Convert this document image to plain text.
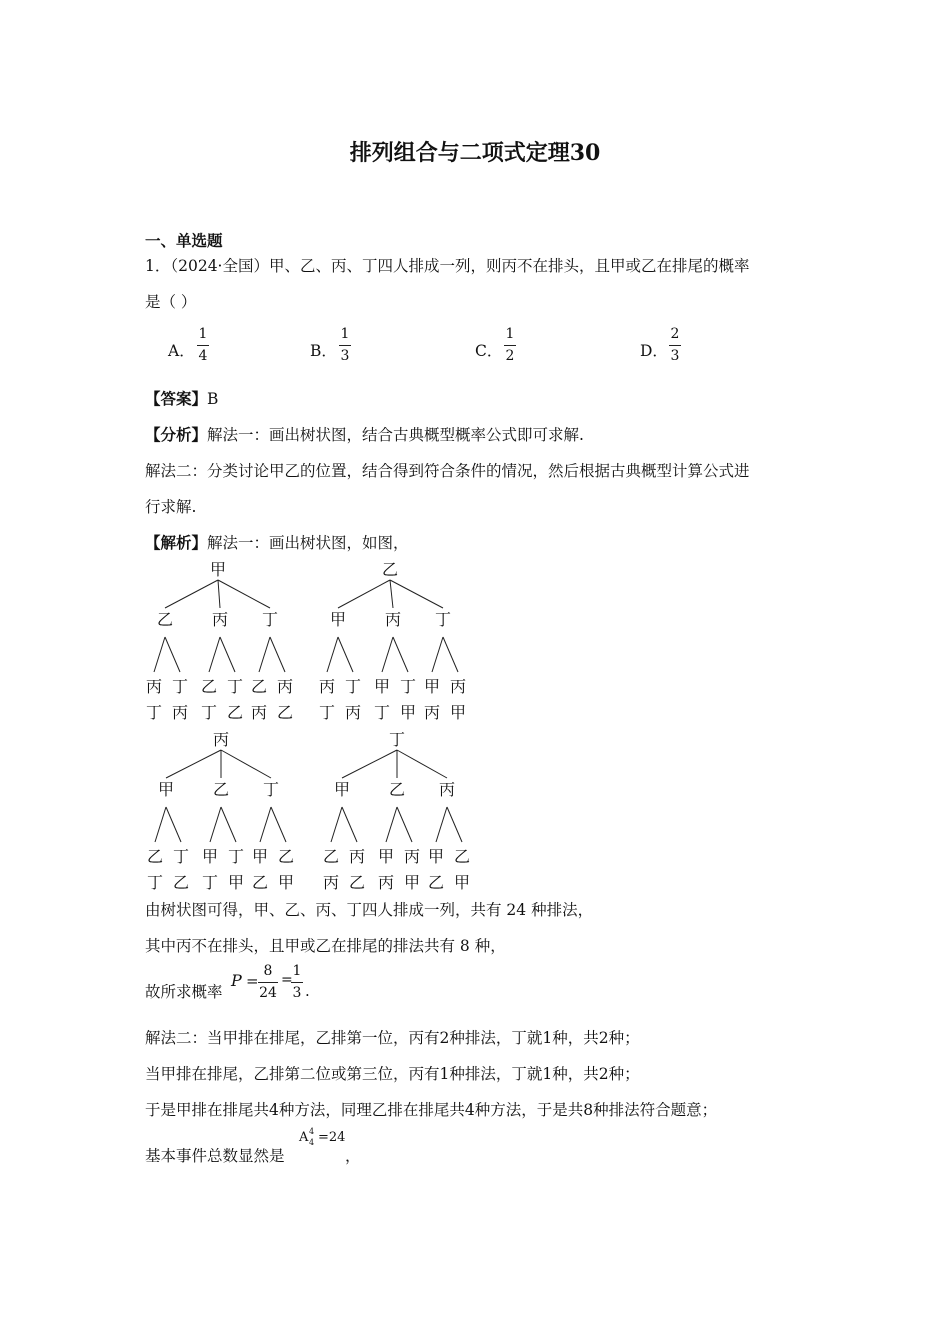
排列组合与二项式定理30
一、单选题
1．（2024·全国）甲、乙、丙、丁四人排成一列，则丙不在排头，且甲或乙在排尾的概率
是（ ）
A．
1
4	B．
1
3	C．
1
2	D．
2
3
【答案】B
【分析】解法一：画出树状图，结合古典概型概率公式即可求解.
解法二：分类讨论甲乙的位置，结合得到符合条件的情况，然后根据古典概型计算公式进
行求解.
【解析】解法一：画出树状图，如图，
甲
乙
丙
丁
丁
丙
丙
乙
丁
丁
乙
丁
乙
丙
丙
乙
乙
甲
丙
丁
丁
丙
丙
甲
丁
丁
甲
丁
甲
丙
丙
甲
丙
甲
乙
丁
丁
乙
乙
甲
丁
丁
甲
丁
甲
乙
乙
甲
丁
甲
乙
丙
丙
乙
乙
甲
丙
丙
甲
丙
甲
乙
乙
甲
由树状图可得，甲、乙、丙、丁四人排成一列，共有 24 种排法，
其中丙不在排头，且甲或乙在排尾的排法共有 8 种，
故所求概率
P =
8
24
=
1
3 .
解法二：当甲排在排尾，乙排第一位，丙有2种排法，丁就1种，共2种；
当甲排在排尾，乙排第二位或第三位，丙有1种排法，丁就1种，共2种；
于是甲排在排尾共4种方法，同理乙排在排尾共4种方法，于是共8种排法符合题意；
基本事件总数显然是
A 4
4 =24
，
